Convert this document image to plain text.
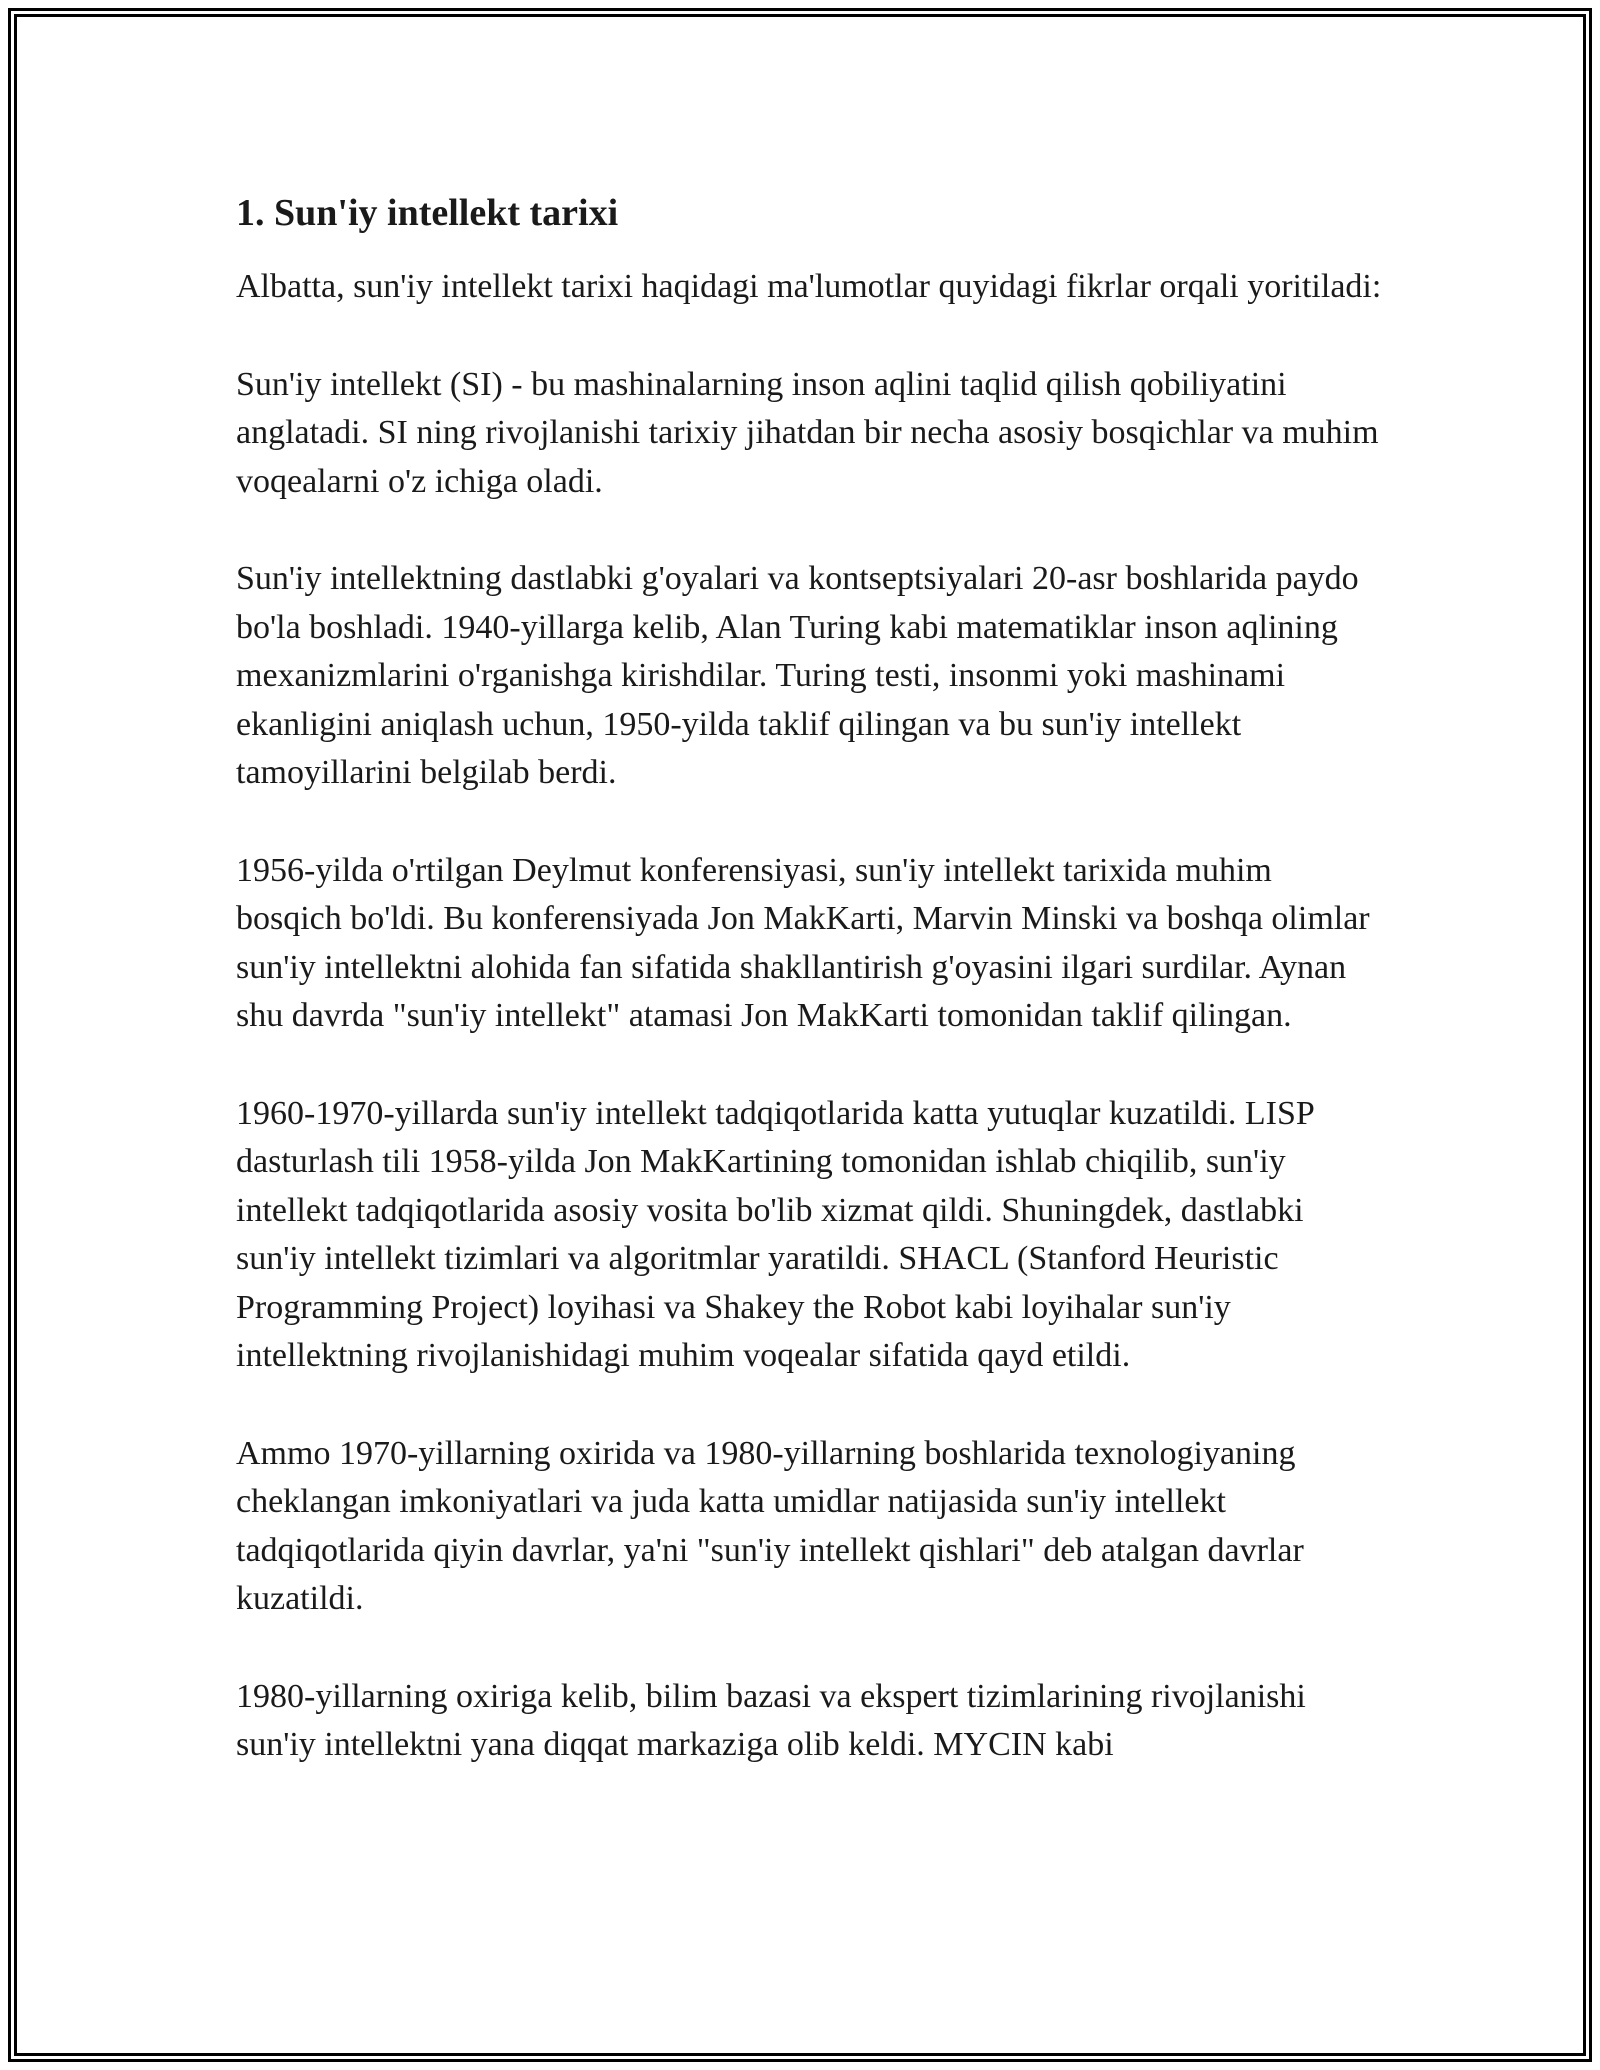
1. Sun'iy intellekt tarixi

Albatta, sun'iy intellekt tarixi haqidagi ma'lumotlar quyidagi fikrlar orqali yoritiladi:

Sun'iy intellekt (SI) - bu mashinalarning inson aqlini taqlid qilish qobiliyatini anglatadi. SI ning rivojlanishi tarixiy jihatdan bir necha asosiy bosqichlar va muhim voqealarni o'z ichiga oladi.

Sun'iy intellektning dastlabki g'oyalari va kontseptsiyalari 20-asr boshlarida paydo bo'la boshladi. 1940-yillarga kelib, Alan Turing kabi matematiklar inson aqlining mexanizmlarini o'rganishga kirishdilar. Turing testi, insonmi yoki mashinami ekanligini aniqlash uchun, 1950-yilda taklif qilingan va bu sun'iy intellekt tamoyillarini belgilab berdi.

1956-yilda o'rtilgan Deylmut konferensiyasi, sun'iy intellekt tarixida muhim bosqich bo'ldi. Bu konferensiyada Jon MakKarti, Marvin Minski va boshqa olimlar sun'iy intellektni alohida fan sifatida shakllantirish g'oyasini ilgari surdilar. Aynan shu davrda "sun'iy intellekt" atamasi Jon MakKarti tomonidan taklif qilingan.

1960-1970-yillarda sun'iy intellekt tadqiqotlarida katta yutuqlar kuzatildi. LISP dasturlash tili 1958-yilda Jon MakKartining tomonidan ishlab chiqilib, sun'iy intellekt tadqiqotlarida asosiy vosita bo'lib xizmat qildi. Shuningdek, dastlabki sun'iy intellekt tizimlari va algoritmlar yaratildi. SHACL (Stanford Heuristic Programming Project) loyihasi va Shakey the Robot kabi loyihalar sun'iy intellektning rivojlanishidagi muhim voqealar sifatida qayd etildi.

Ammo 1970-yillarning oxirida va 1980-yillarning boshlarida texnologiyaning cheklangan imkoniyatlari va juda katta umidlar natijasida sun'iy intellekt tadqiqotlarida qiyin davrlar, ya'ni "sun'iy intellekt qishlari" deb atalgan davrlar kuzatildi.

1980-yillarning oxiriga kelib, bilim bazasi va ekspert tizimlarining rivojlanishi sun'iy intellektni yana diqqat markaziga olib keldi. MYCIN kabi
